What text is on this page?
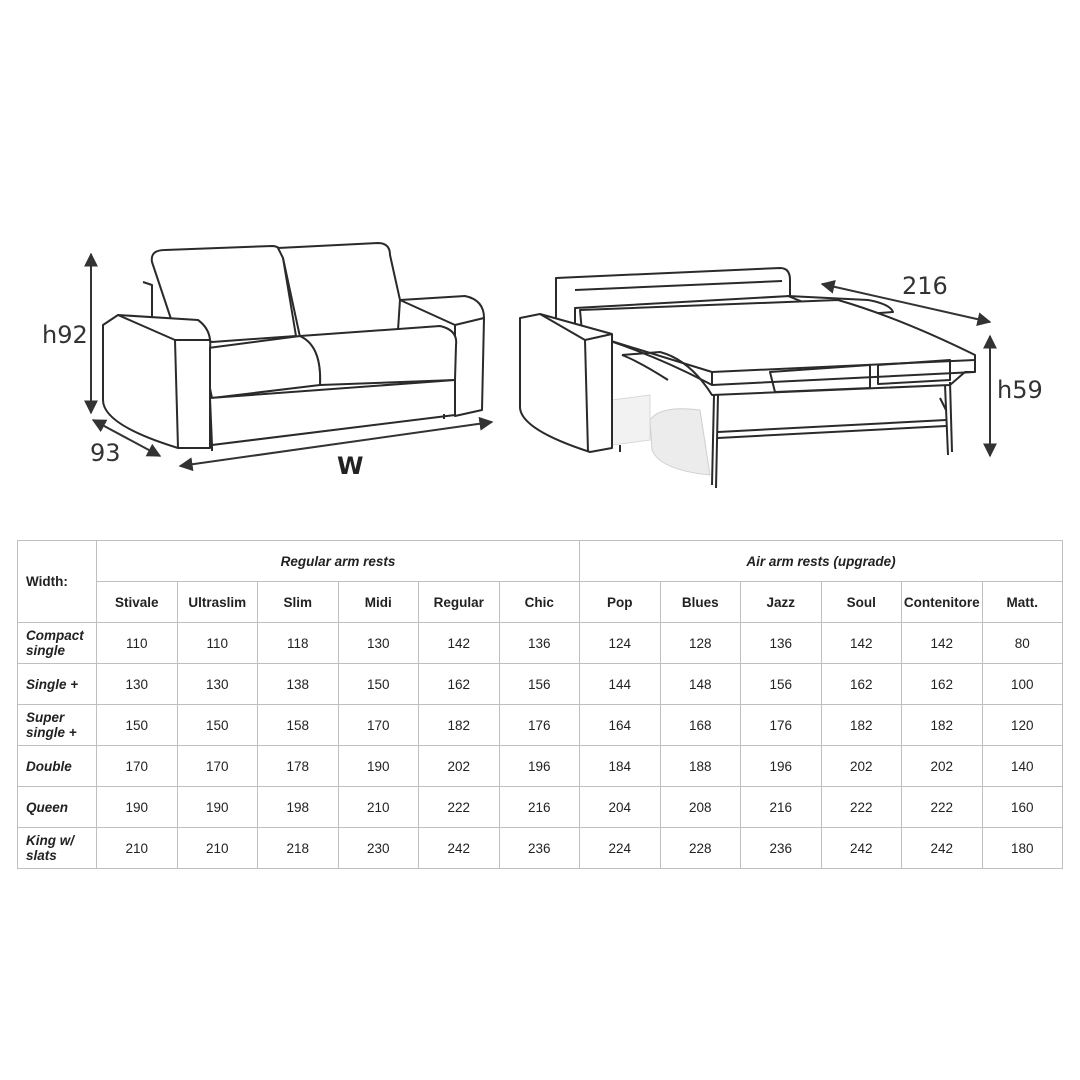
h92
93	W
216
h59
Width:	Regular arm rests						Air arm rests (upgrade)					
	Stivale	Ultraslim	Slim	Midi	Regular	Chic	Pop	Blues	Jazz	Soul	Contenitore	Matt.
Compact single	110	110	118	130	142	136	124	128	136	142	142	80
Single +	130	130	138	150	162	156	144	148	156	162	162	100
Super single +	150	150	158	170	182	176	164	168	176	182	182	120
Double	170	170	178	190	202	196	184	188	196	202	202	140
Queen	190	190	198	210	222	216	204	208	216	222	222	160
King w/ slats	210	210	218	230	242	236	224	228	236	242	242	180
